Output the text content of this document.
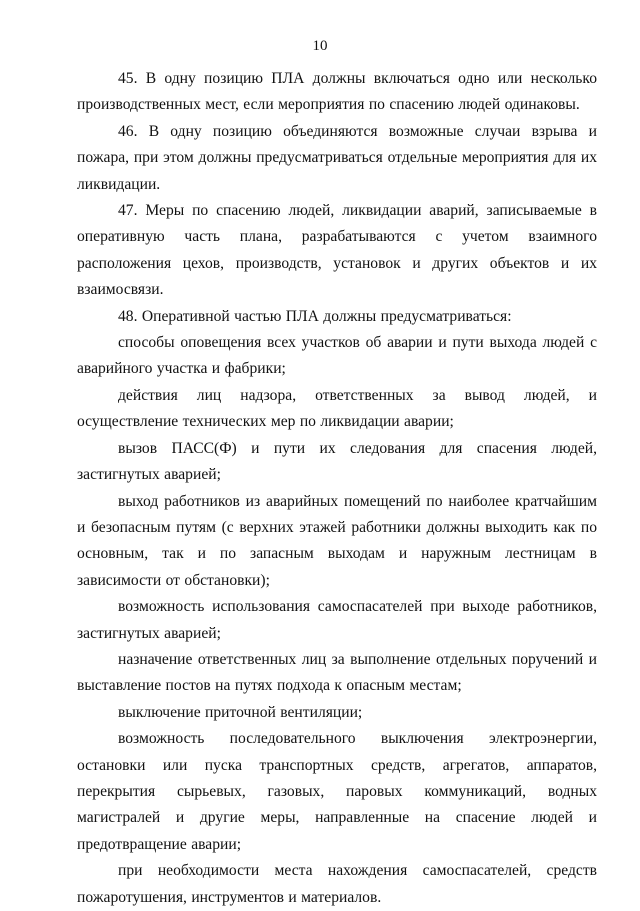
10

45. В одну позицию ПЛА должны включаться одно или несколько производственных мест, если мероприятия по спасению людей одинаковы.

46. В одну позицию объединяются возможные случаи взрыва и пожара, при этом должны предусматриваться отдельные мероприятия для их ликвидации.

47. Меры по спасению людей, ликвидации аварий, записываемые в оперативную часть плана, разрабатываются с учетом взаимного расположения цехов, производств, установок и других объектов и их взаимосвязи.

48. Оперативной частью ПЛА должны предусматриваться:

способы оповещения всех участков об аварии и пути выхода людей с аварийного участка и фабрики;

действия лиц надзора, ответственных за вывод людей, и осуществление технических мер по ликвидации аварии;

вызов ПАСС(Ф) и пути их следования для спасения людей, застигнутых аварией;

выход работников из аварийных помещений по наиболее кратчайшим и безопасным путям (с верхних этажей работники должны выходить как по основным, так и по запасным выходам и наружным лестницам в зависимости от обстановки);

возможность использования самоспасателей при выходе работников, застигнутых аварией;

назначение ответственных лиц за выполнение отдельных поручений и выставление постов на путях подхода к опасным местам;

выключение приточной вентиляции;

возможность последовательного выключения электроэнергии, остановки или пуска транспортных средств, агрегатов, аппаратов, перекрытия сырьевых, газовых, паровых коммуникаций, водных магистралей и другие меры, направленные на спасение людей и предотвращение аварии;

при необходимости места нахождения самоспасателей, средств пожаротушения, инструментов и материалов.
